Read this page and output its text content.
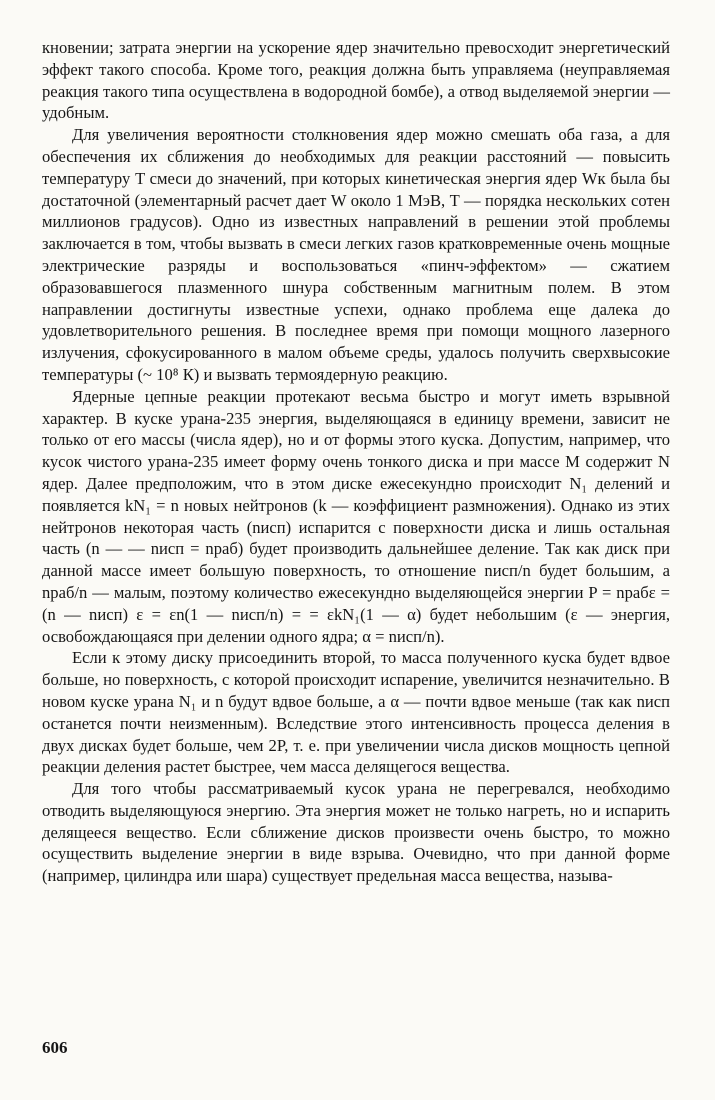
кновении; затрата энергии на ускорение ядер значительно превосходит энергетический эффект такого способа. Кроме того, реакция должна быть управляема (неуправляемая реакция такого типа осуществлена в водородной бомбе), а отвод выделяемой энергии — удобным.

Для увеличения вероятности столкновения ядер можно смешать оба газа, а для обеспечения их сближения до необходимых для реакции расстояний — повысить температуру T смеси до значений, при которых кинетическая энергия ядер Wк была бы достаточной (элементарный расчет дает W около 1 МэВ, T — порядка нескольких сотен миллионов градусов). Одно из известных направлений в решении этой проблемы заключается в том, чтобы вызвать в смеси легких газов кратковременные очень мощные электрические разряды и воспользоваться «пинч-эффектом» — сжатием образовавшегося плазменного шнура собственным магнитным полем. В этом направлении достигнуты известные успехи, однако проблема еще далека до удовлетворительного решения. В последнее время при помощи мощного лазерного излучения, сфокусированного в малом объеме среды, удалось получить сверхвысокие температуры (~ 10⁸ К) и вызвать термоядерную реакцию.

Ядерные цепные реакции протекают весьма быстро и могут иметь взрывной характер. В куске урана-235 энергия, выделяющаяся в единицу времени, зависит не только от его массы (числа ядер), но и от формы этого куска. Допустим, например, что кусок чистого урана-235 имеет форму очень тонкого диска и при массе M содержит N ядер. Далее предположим, что в этом диске ежесекундно происходит N₁ делений и появляется kN₁ = n новых нейтронов (k — коэффициент размножения). Однако из этих нейтронов некоторая часть (nисп) испарится с поверхности диска и лишь остальная часть (n — — nисп = nраб) будет производить дальнейшее деление. Так как диск при данной массе имеет большую поверхность, то отношение nисп/n будет большим, а nраб/n — малым, поэтому количество ежесекундно выделяющейся энергии P = nрабε = (n — nисп) ε = εn(1 — nисп/n) = = εkN₁(1 — α) будет небольшим (ε — энергия, освобождающаяся при делении одного ядра; α = nисп/n).

Если к этому диску присоединить второй, то масса полученного куска будет вдвое больше, но поверхность, с которой происходит испарение, увеличится незначительно. В новом куске урана N₁ и n будут вдвое больше, а α — почти вдвое меньше (так как nисп останется почти неизменным). Вследствие этого интенсивность процесса деления в двух дисках будет больше, чем 2P, т. е. при увеличении числа дисков мощность цепной реакции деления растет быстрее, чем масса делящегося вещества.

Для того чтобы рассматриваемый кусок урана не перегревался, необходимо отводить выделяющуюся энергию. Эта энергия может не только нагреть, но и испарить делящееся вещество. Если сближение дисков произвести очень быстро, то можно осуществить выделение энергии в виде взрыва. Очевидно, что при данной форме (например, цилиндра или шара) существует предельная масса вещества, называ-

606
